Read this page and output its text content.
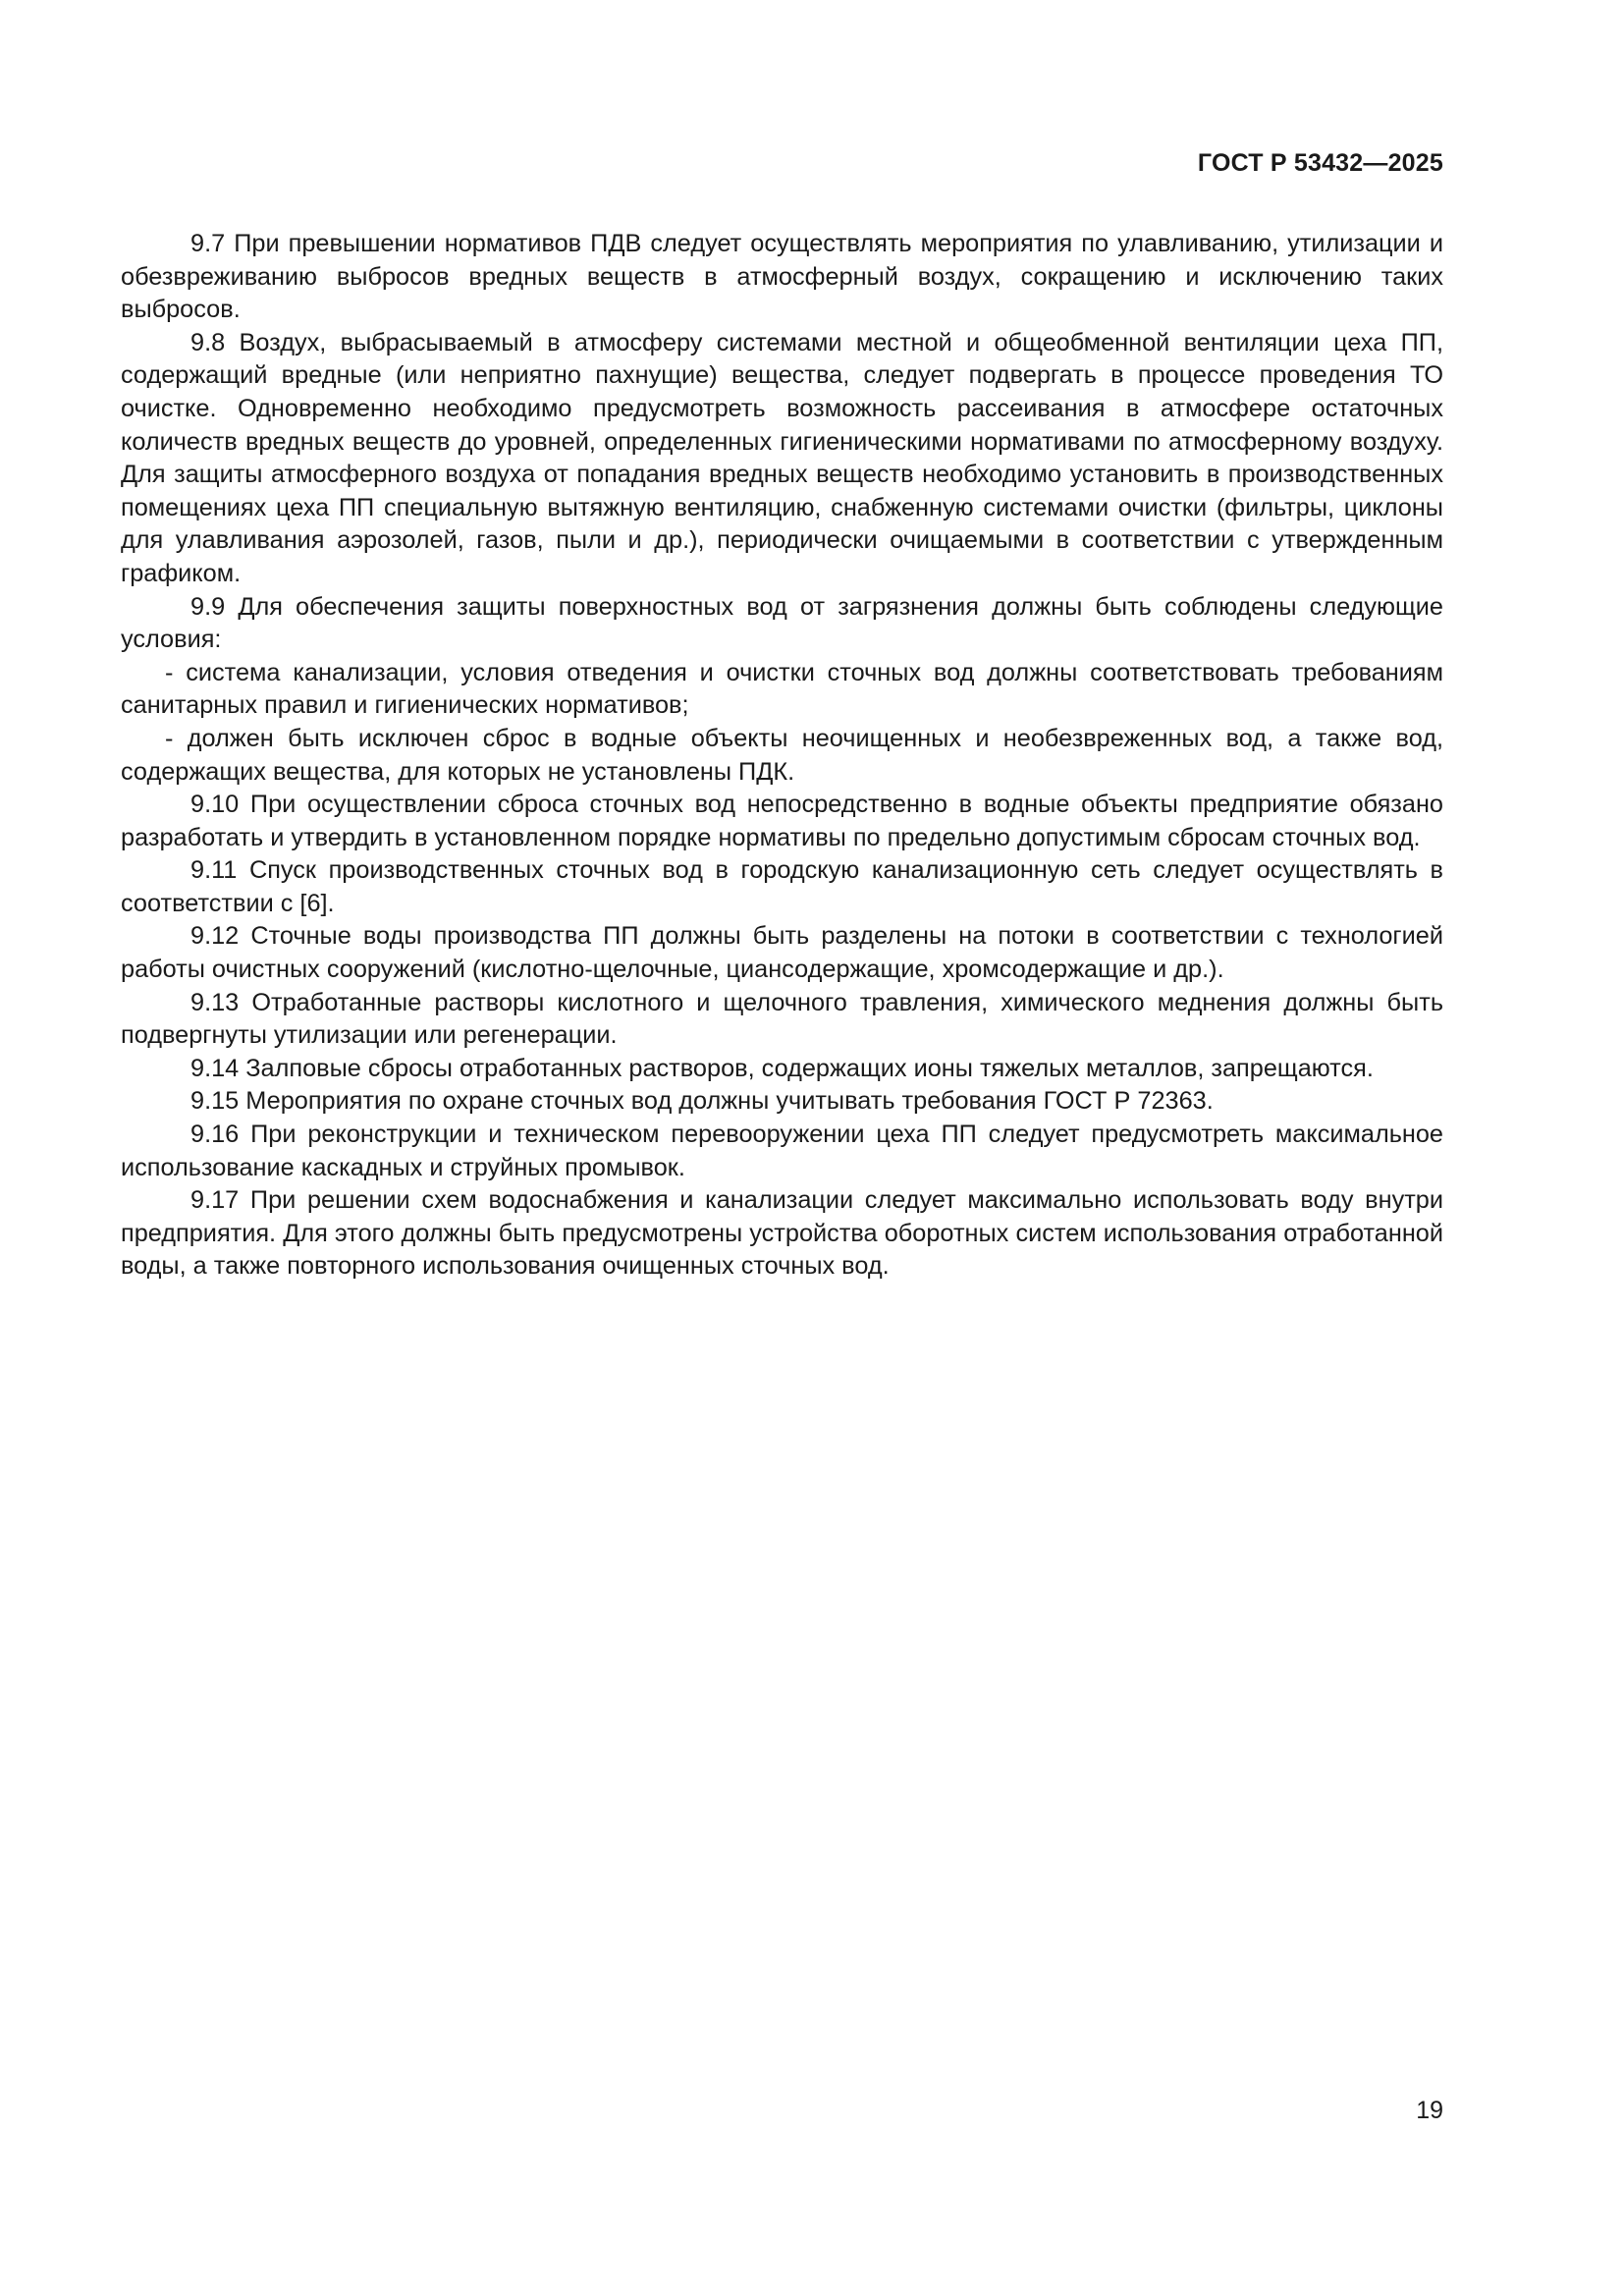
ГОСТ Р 53432—2025

9.7 При превышении нормативов ПДВ следует осуществлять мероприятия по улавливанию, утилизации и обезвреживанию выбросов вредных веществ в атмосферный воздух, сокращению и исключению таких выбросов.

9.8 Воздух, выбрасываемый в атмосферу системами местной и общеобменной вентиляции цеха ПП, содержащий вредные (или неприятно пахнущие) вещества, следует подвергать в процессе проведения ТО очистке. Одновременно необходимо предусмотреть возможность рассеивания в атмосфере остаточных количеств вредных веществ до уровней, определенных гигиеническими нормативами по атмосферному воздуху. Для защиты атмосферного воздуха от попадания вредных веществ необходимо установить в производственных помещениях цеха ПП специальную вытяжную вентиляцию, снабженную системами очистки (фильтры, циклоны для улавливания аэрозолей, газов, пыли и др.), периодически очищаемыми в соответствии с утвержденным графиком.

9.9 Для обеспечения защиты поверхностных вод от загрязнения должны быть соблюдены следующие условия:

- система канализации, условия отведения и очистки сточных вод должны соответствовать требованиям санитарных правил и гигиенических нормативов;

- должен быть исключен сброс в водные объекты неочищенных и необезвреженных вод, а также вод, содержащих вещества, для которых не установлены ПДК.

9.10 При осуществлении сброса сточных вод непосредственно в водные объекты предприятие обязано разработать и утвердить в установленном порядке нормативы по предельно допустимым сбросам сточных вод.

9.11 Спуск производственных сточных вод в городскую канализационную сеть следует осуществлять в соответствии с [6].

9.12 Сточные воды производства ПП должны быть разделены на потоки в соответствии с технологией работы очистных сооружений (кислотно-щелочные, циансодержащие, хромсодержащие и др.).

9.13 Отработанные растворы кислотного и щелочного травления, химического меднения должны быть подвергнуты утилизации или регенерации.

9.14 Залповые сбросы отработанных растворов, содержащих ионы тяжелых металлов, запрещаются.

9.15 Мероприятия по охране сточных вод должны учитывать требования ГОСТ Р 72363.

9.16 При реконструкции и техническом перевооружении цеха ПП следует предусмотреть максимальное использование каскадных и струйных промывок.

9.17 При решении схем водоснабжения и канализации следует максимально использовать воду внутри предприятия. Для этого должны быть предусмотрены устройства оборотных систем использования отработанной воды, а также повторного использования очищенных сточных вод.

19
